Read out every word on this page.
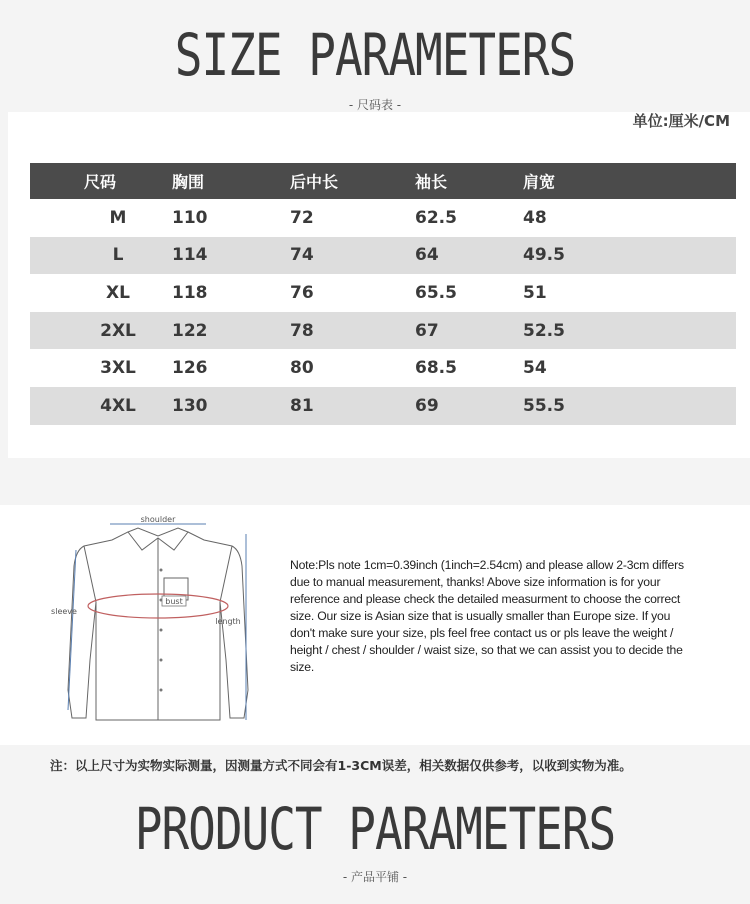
SIZE PARAMETERS
- 尺码表 -
单位:厘米/CM
尺码	胸围	后中长	袖长	肩宽
M	110	72	62.5	48
L	114	74	64	49.5
XL	118	76	65.5	51
2XL	122	78	67	52.5
3XL	126	80	68.5	54
4XL	130	81	69	55.5
shoulder
bust
sleeve
length
Note:Pls note 1cm=0.39inch (1inch=2.54cm) and please allow 2-3cm differs due to manual measurement, thanks! Above size information is for your reference and please check the detailed measurment to choose the correct size. Our size is Asian size that is usually smaller than Europe size. If you don't make sure your size, pls feel free contact us or pls leave the weight / height / chest / shoulder / waist size, so that we can assist you to decide the size.
注：以上尺寸为实物实际测量，因测量方式不同会有1-3CM误差，相关数据仅供参考，以收到实物为准。
PRODUCT PARAMETERS
- 产品平铺 -
